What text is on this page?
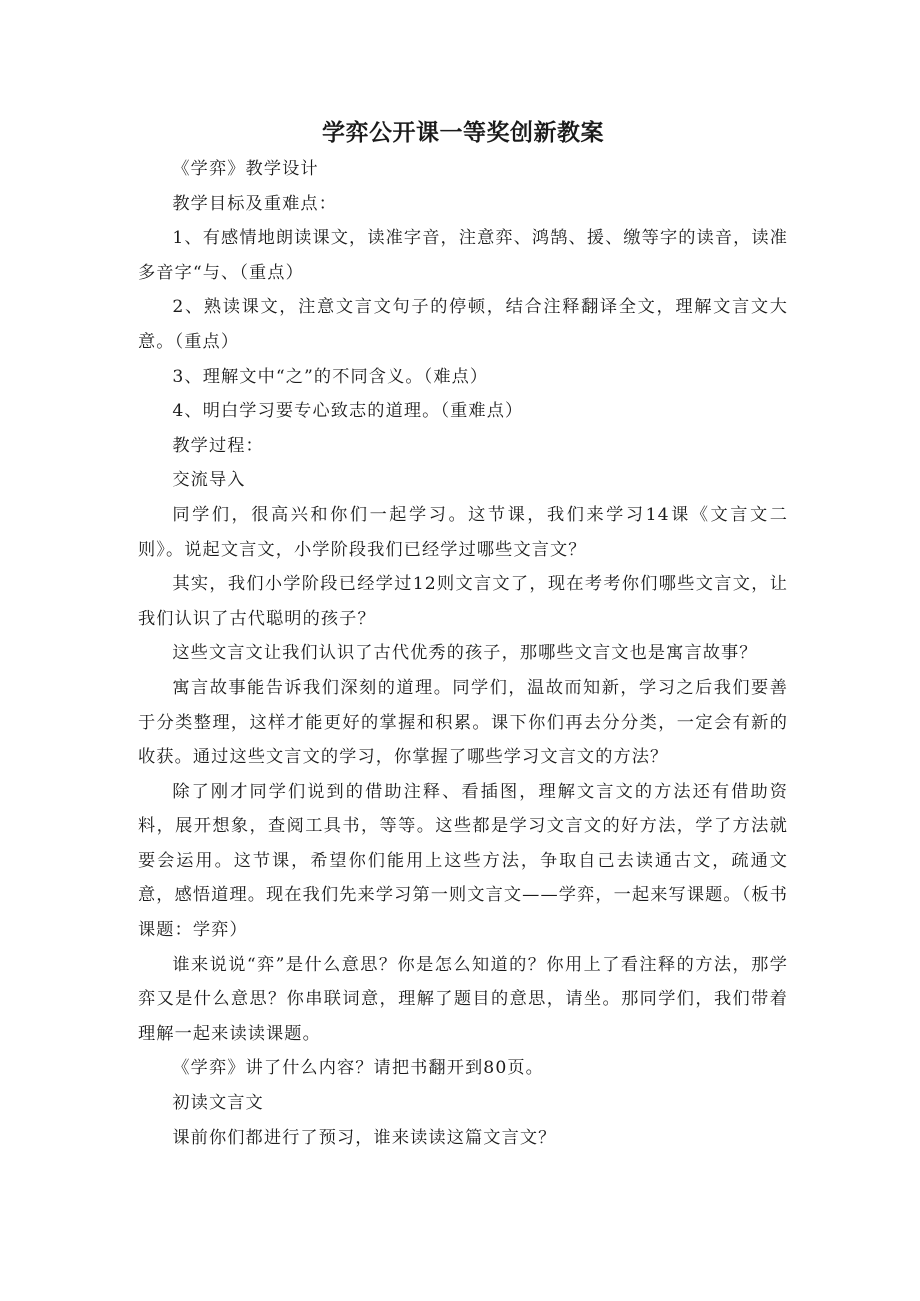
学弈公开课一等奖创新教案

《学弈》教学设计

教学目标及重难点：

1、有感情地朗读课文，读准字音，注意弈、鸿鹄、援、缴等字的读音，读准多音字“与、（重点）

2、熟读课文，注意文言文句子的停顿，结合注释翻译全文，理解文言文大意。（重点）

3、理解文中“之”的不同含义。（难点）

4、明白学习要专心致志的道理。（重难点）

教学过程：

交流导入

同学们，很高兴和你们一起学习。这节课，我们来学习14课《文言文二则》。说起文言文，小学阶段我们已经学过哪些文言文？

其实，我们小学阶段已经学过12则文言文了，现在考考你们哪些文言文，让我们认识了古代聪明的孩子？

这些文言文让我们认识了古代优秀的孩子，那哪些文言文也是寓言故事？

寓言故事能告诉我们深刻的道理。同学们，温故而知新，学习之后我们要善于分类整理，这样才能更好的掌握和积累。课下你们再去分分类，一定会有新的收获。通过这些文言文的学习，你掌握了哪些学习文言文的方法？

除了刚才同学们说到的借助注释、看插图，理解文言文的方法还有借助资料，展开想象，查阅工具书，等等。这些都是学习文言文的好方法，学了方法就要会运用。这节课，希望你们能用上这些方法，争取自己去读通古文，疏通文意，感悟道理。现在我们先来学习第一则文言文——学弈，一起来写课题。（板书课题：学弈）

谁来说说“弈”是什么意思？你是怎么知道的？你用上了看注释的方法，那学弈又是什么意思？你串联词意，理解了题目的意思，请坐。那同学们，我们带着理解一起来读读课题。

《学弈》讲了什么内容？请把书翻开到80页。

初读文言文

课前你们都进行了预习，谁来读读这篇文言文？
